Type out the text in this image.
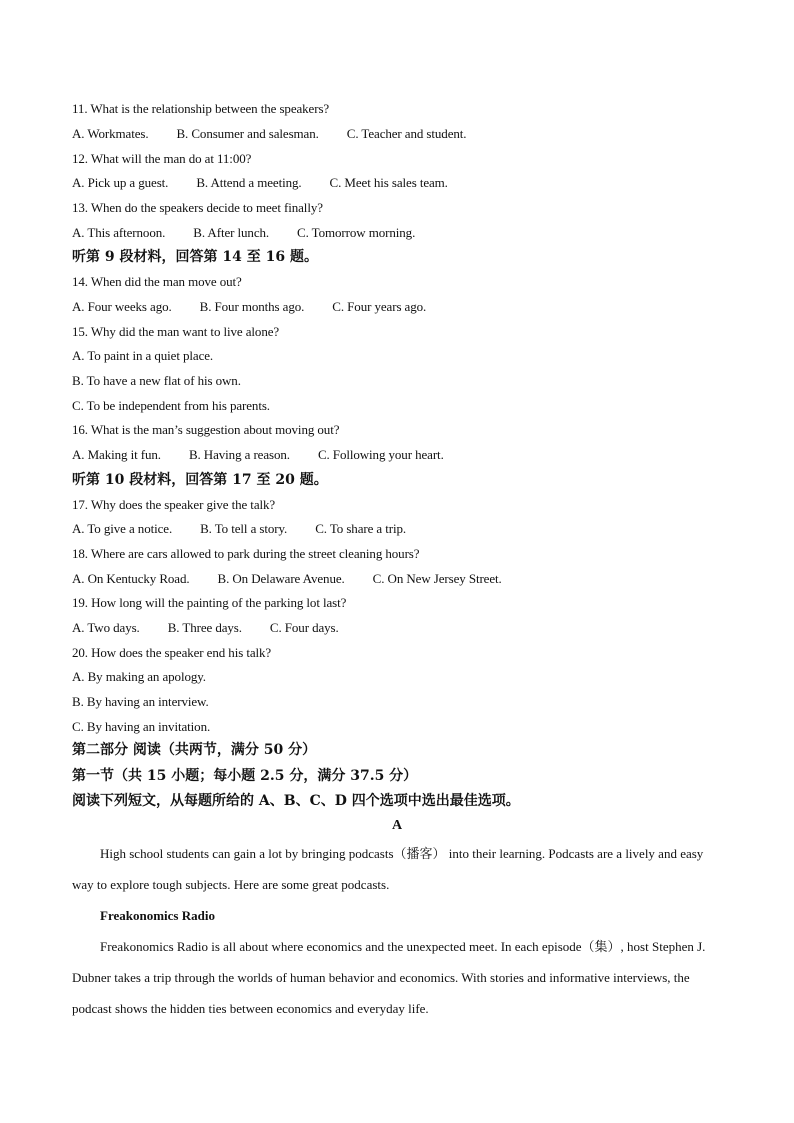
11. What is the relationship between the speakers?
A. Workmates. B. Consumer and salesman. C. Teacher and student.
12. What will the man do at 11:00?
A. Pick up a guest. B. Attend a meeting. C. Meet his sales team.
13. When do the speakers decide to meet finally?
A. This afternoon. B. After lunch. C. Tomorrow morning.
听第 9 段材料，回答第 14 至 16 题。
14. When did the man move out?
A. Four weeks ago. B. Four months ago. C. Four years ago.
15. Why did the man want to live alone?
A. To paint in a quiet place.
B. To have a new flat of his own.
C. To be independent from his parents.
16. What is the man’s suggestion about moving out?
A. Making it fun. B. Having a reason. C. Following your heart.
听第 10 段材料，回答第 17 至 20 题。
17. Why does the speaker give the talk?
A. To give a notice. B. To tell a story. C. To share a trip.
18. Where are cars allowed to park during the street cleaning hours?
A. On Kentucky Road. B. On Delaware Avenue. C. On New Jersey Street.
19. How long will the painting of the parking lot last?
A. Two days. B. Three days. C. Four days.
20. How does the speaker end his talk?
A. By making an apology.
B. By having an interview.
C. By having an invitation.
第二部分 阅读（共两节，满分 50 分）
第一节（共 15 小题；每小题 2.5 分，满分 37.5 分）
阅读下列短文，从每题所给的 A、B、C、D 四个选项中选出最佳选项。
A
High school students can gain a lot by bringing podcasts（播客） into their learning. Podcasts are a lively and easy way to explore tough subjects. Here are some great podcasts.
Freakonomics Radio
Freakonomics Radio is all about where economics and the unexpected meet. In each episode（集）, host Stephen J. Dubner takes a trip through the worlds of human behavior and economics. With stories and informative interviews, the podcast shows the hidden ties between economics and everyday life.
